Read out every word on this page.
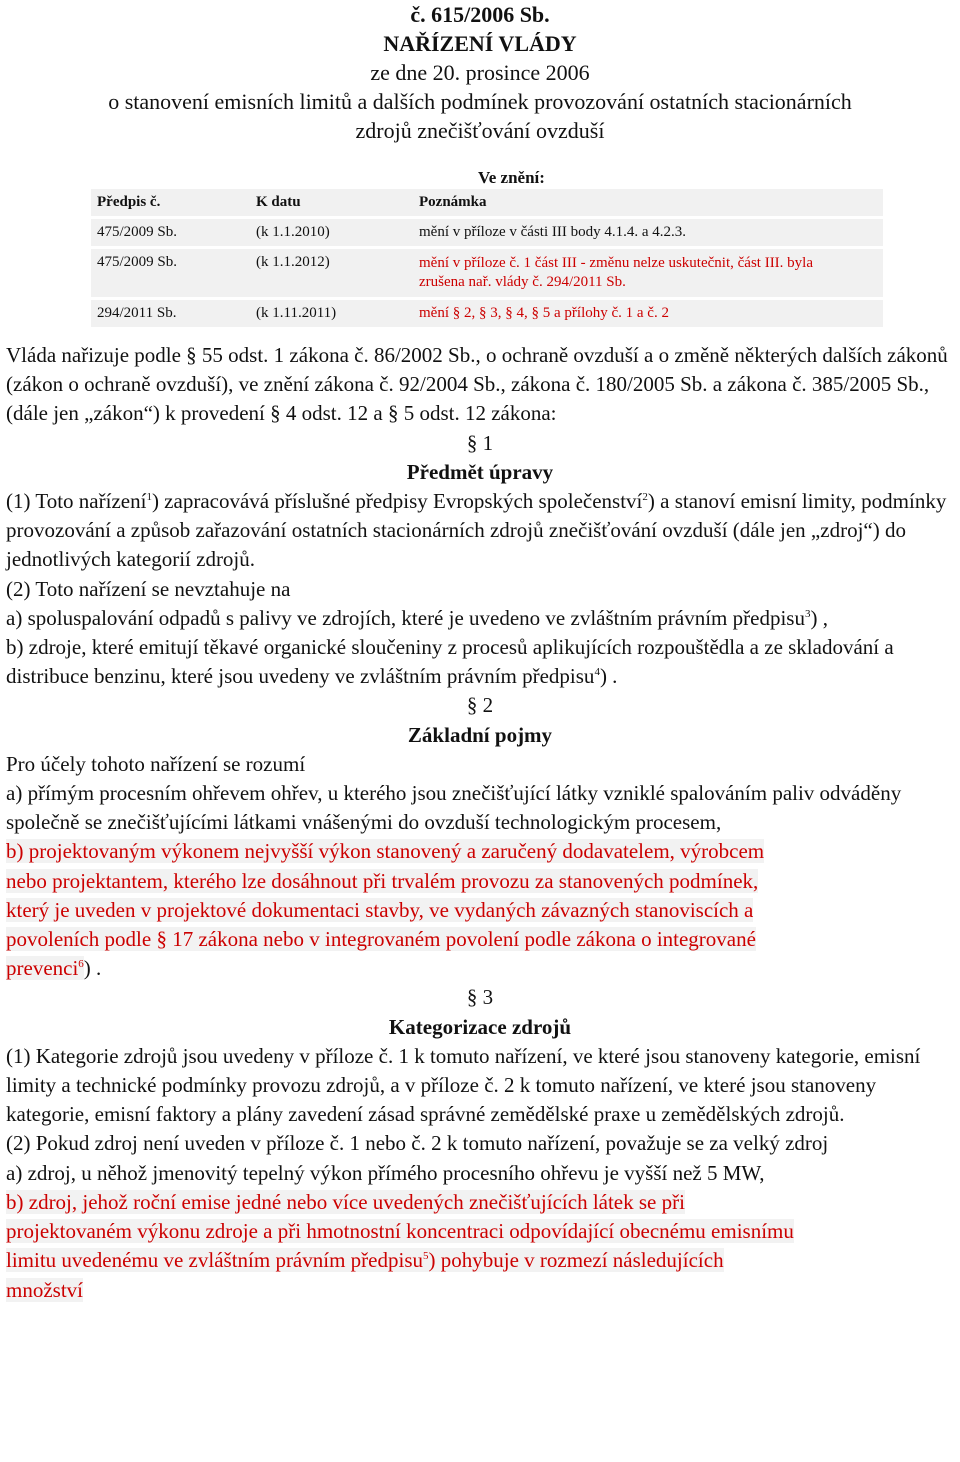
č. 615/2006 Sb.
NAŘÍZENÍ VLÁDY
ze dne 20. prosince 2006
o stanovení emisních limitů a dalších podmínek provozování ostatních stacionárních
zdrojů znečišťování ovzduší
Ve znění:
Předpis č.	K datu	Poznámka
475/2009 Sb.	(k 1.1.2010)	mění v příloze v části III body 4.1.4. a 4.2.3.
475/2009 Sb.	(k 1.1.2012)	mění v příloze č. 1 část III - změnu nelze uskutečnit, část III. byla
zrušena nař. vlády č. 294/2011 Sb.
294/2011 Sb.	(k 1.11.2011)	mění § 2, § 3, § 4, § 5 a přílohy č. 1 a č. 2

Vláda nařizuje podle § 55 odst. 1 zákona č. 86/2002 Sb., o ochraně ovzduší a o změně některých dalších zákonů (zákon o ochraně ovzduší), ve znění zákona č. 92/2004 Sb., zákona č. 180/2005 Sb. a zákona č. 385/2005 Sb., (dále jen „zákon“) k provedení § 4 odst. 12 a § 5 odst. 12 zákona:

§ 1

Předmět úpravy

(1) Toto nařízení$^1$) zapracovává příslušné předpisy Evropských společenství$^2$) a stanoví emisní limity, podmínky provozování a způsob zařazování ostatních stacionárních zdrojů znečišťování ovzduší (dále jen „zdroj“) do jednotlivých kategorií zdrojů.

(2) Toto nařízení se nevztahuje na

a) spoluspalování odpadů s palivy ve zdrojích, které je uvedeno ve zvláštním právním předpisu$^3$) ,

b) zdroje, které emitují těkavé organické sloučeniny z procesů aplikujících rozpouštědla a ze skladování a distribuce benzinu, které jsou uvedeny ve zvláštním právním předpisu$^4$) .

§ 2

Základní pojmy

Pro účely tohoto nařízení se rozumí

a) přímým procesním ohřevem ohřev, u kterého jsou znečišťující látky vzniklé spalováním paliv odváděny společně se znečišťujícími látkami vnášenými do ovzduší technologickým procesem,

b) projektovaným výkonem nejvyšší výkon stanovený a zaručený dodavatelem, výrobcem
nebo projektantem, kterého lze dosáhnout při trvalém provozu za stanovených podmínek,
který je uveden v projektové dokumentaci stavby, ve vydaných závazných stanoviscích a
povoleních podle § 17 zákona nebo v integrovaném povolení podle zákona o integrované
prevenci$^6$) .

§ 3

Kategorizace zdrojů

(1) Kategorie zdrojů jsou uvedeny v příloze č. 1 k tomuto nařízení, ve které jsou stanoveny kategorie, emisní limity a technické podmínky provozu zdrojů, a v příloze č. 2 k tomuto nařízení, ve které jsou stanoveny kategorie, emisní faktory a plány zavedení zásad správné zemědělské praxe u zemědělských zdrojů.

(2) Pokud zdroj není uveden v příloze č. 1 nebo č. 2 k tomuto nařízení, považuje se za velký zdroj

a) zdroj, u něhož jmenovitý tepelný výkon přímého procesního ohřevu je vyšší než 5 MW,

b) zdroj, jehož roční emise jedné nebo více uvedených znečišťujících látek se při
projektovaném výkonu zdroje a při hmotnostní koncentraci odpovídající obecnému emisnímu
limitu uvedenému ve zvláštním právním předpisu$^5$) pohybuje v rozmezí následujících
množství
